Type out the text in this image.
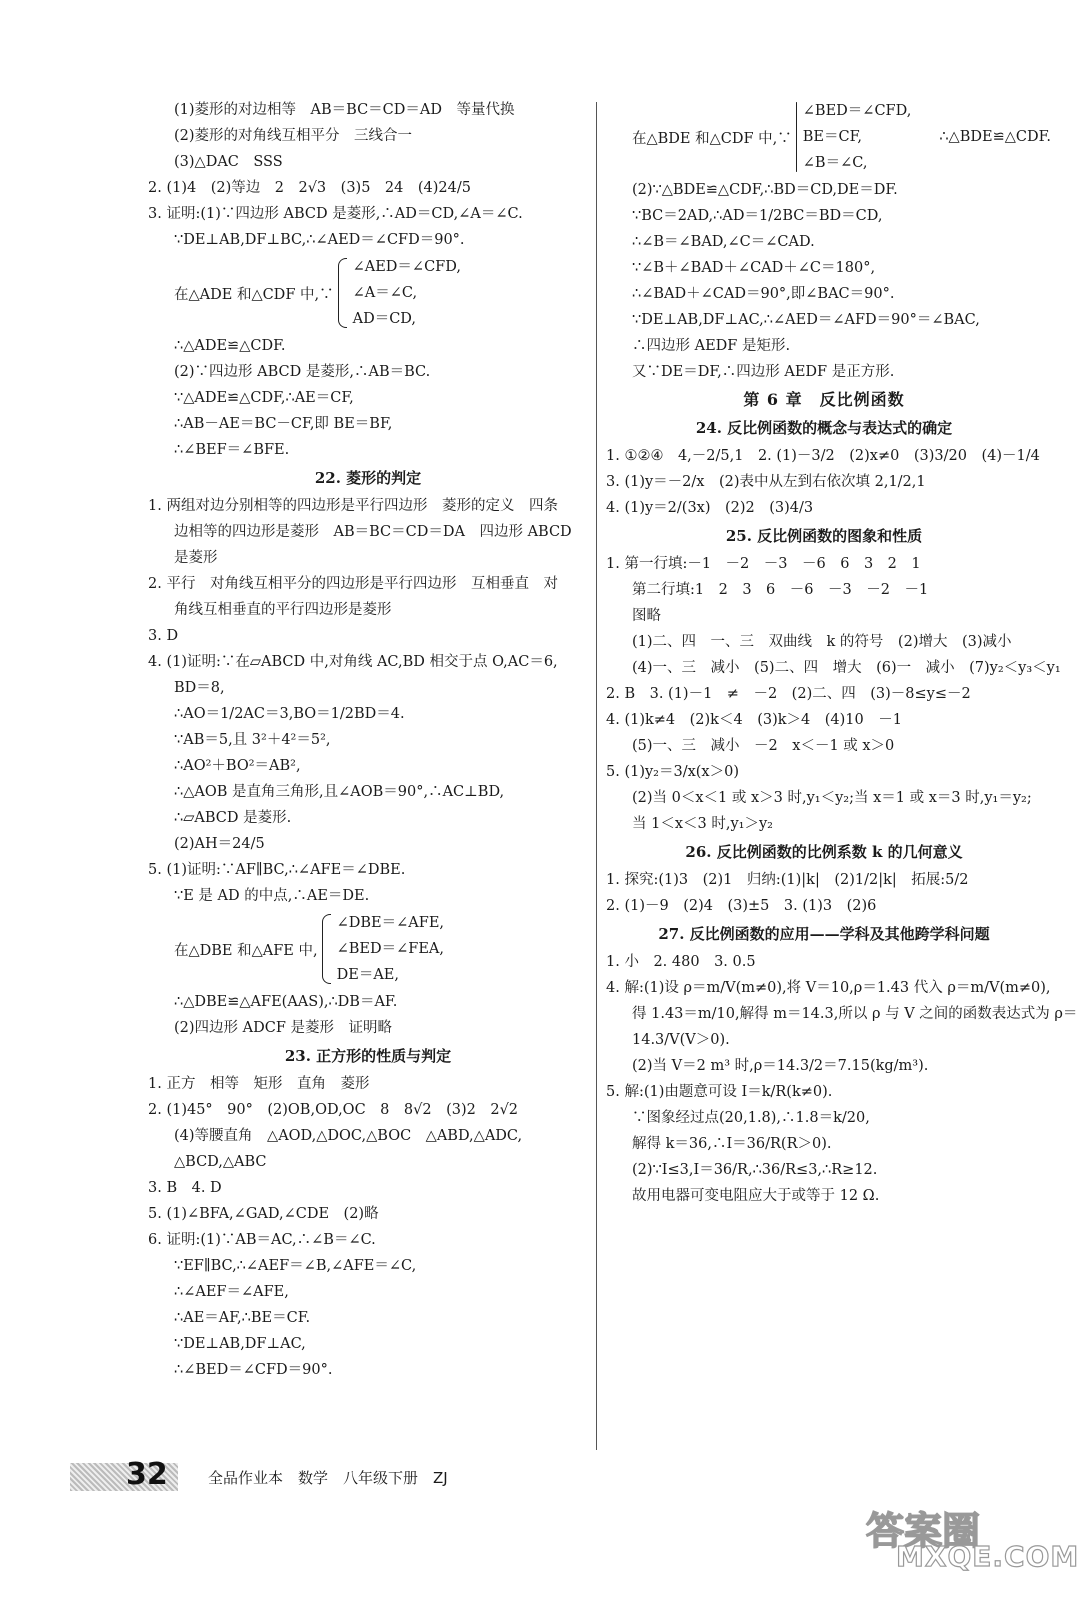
(1)菱形的对边相等　AB＝BC＝CD＝AD　等量代换
(2)菱形的对角线互相平分　三线合一
(3)△DAC　SSS
2. (1)4　(2)等边　2　2√3　(3)5　24　(4)24/5
3. 证明:(1)∵四边形 ABCD 是菱形,∴AD＝CD,∠A＝∠C.
∵DE⊥AB,DF⊥BC,∴∠AED＝∠CFD＝90°.
在△ADE 和△CDF 中,∵
∠AED＝∠CFD,
∠A＝∠C,
AD＝CD,
∴△ADE≌△CDF.
(2)∵四边形 ABCD 是菱形,∴AB＝BC.
∵△ADE≌△CDF,∴AE＝CF,
∴AB－AE＝BC－CF,即 BE＝BF,
∴∠BEF＝∠BFE.
22. 菱形的判定
1. 两组对边分别相等的四边形是平行四边形　菱形的定义　四条
边相等的四边形是菱形　AB＝BC＝CD＝DA　四边形 ABCD
是菱形
2. 平行　对角线互相平分的四边形是平行四边形　互相垂直　对
角线互相垂直的平行四边形是菱形
3. D
4. (1)证明:∵在▱ABCD 中,对角线 AC,BD 相交于点 O,AC＝6,
BD＝8,
∴AO＝1/2AC＝3,BO＝1/2BD＝4.
∵AB＝5,且 3²＋4²＝5²,
∴AO²＋BO²＝AB²,
∴△AOB 是直角三角形,且∠AOB＝90°,∴AC⊥BD,
∴▱ABCD 是菱形.
(2)AH＝24/5
5. (1)证明:∵AF∥BC,∴∠AFE＝∠DBE.
∵E 是 AD 的中点,∴AE＝DE.
在△DBE 和△AFE 中,
∠DBE＝∠AFE,
∠BED＝∠FEA,
DE＝AE,
∴△DBE≌△AFE(AAS),∴DB＝AF.
(2)四边形 ADCF 是菱形　证明略
23. 正方形的性质与判定
1. 正方　相等　矩形　直角　菱形
2. (1)45°　90°　(2)OB,OD,OC　8　8√2　(3)2　2√2
(4)等腰直角　△AOD,△DOC,△BOC　△ABD,△ADC,
△BCD,△ABC
3. B　4. D
5. (1)∠BFA,∠GAD,∠CDE　(2)略
6. 证明:(1)∵AB＝AC,∴∠B＝∠C.
∵EF∥BC,∴∠AEF＝∠B,∠AFE＝∠C,
∴∠AEF＝∠AFE,
∴AE＝AF,∴BE＝CF.
∵DE⊥AB,DF⊥AC,
∴∠BED＝∠CFD＝90°.
在△BDE 和△CDF 中,∵
∠BED＝∠CFD,
BE＝CF,
∠B＝∠C,
∴△BDE≌△CDF.
(2)∵△BDE≌△CDF,∴BD＝CD,DE＝DF.
∵BC＝2AD,∴AD＝1/2BC＝BD＝CD,
∴∠B＝∠BAD,∠C＝∠CAD.
∵∠B＋∠BAD＋∠CAD＋∠C＝180°,
∴∠BAD＋∠CAD＝90°,即∠BAC＝90°.
∵DE⊥AB,DF⊥AC,∴∠AED＝∠AFD＝90°＝∠BAC,
∴四边形 AEDF 是矩形.
又∵DE＝DF,∴四边形 AEDF 是正方形.
第 6 章　反比例函数
24. 反比例函数的概念与表达式的确定
1. ①②④　4,－2/5,1　2. (1)－3/2　(2)x≠0　(3)3/20　(4)－1/4
3. (1)y＝－2/x　(2)表中从左到右依次填 2,1/2,1
4. (1)y＝2/(3x)　(2)2　(3)4/3
25. 反比例函数的图象和性质
1. 第一行填:－1　－2　－3　－6　6　3　2　1
第二行填:1　2　3　6　－6　－3　－2　－1
图略
(1)二、四　一、三　双曲线　k 的符号　(2)增大　(3)减小
(4)一、三　减小　(5)二、四　增大　(6)一　减小　(7)y₂＜y₃＜y₁
2. B　3. (1)－1　≠　－2　(2)二、四　(3)－8≤y≤－2
4. (1)k≠4　(2)k＜4　(3)k＞4　(4)10　－1
(5)一、三　减小　－2　x＜－1 或 x＞0
5. (1)y₂＝3/x(x＞0)
(2)当 0＜x＜1 或 x＞3 时,y₁＜y₂;当 x＝1 或 x＝3 时,y₁＝y₂;
当 1＜x＜3 时,y₁＞y₂
26. 反比例函数的比例系数 k 的几何意义
1. 探究:(1)3　(2)1　归纳:(1)|k|　(2)1/2|k|　拓展:5/2
2. (1)－9　(2)4　(3)±5　3. (1)3　(2)6
27. 反比例函数的应用——学科及其他跨学科问题
1. 小　2. 480　3. 0.5
4. 解:(1)设 ρ＝m/V(m≠0),将 V＝10,ρ＝1.43 代入 ρ＝m/V(m≠0),
得 1.43＝m/10,解得 m＝14.3,所以 ρ 与 V 之间的函数表达式为 ρ＝
14.3/V(V＞0).
(2)当 V＝2 m³ 时,ρ＝14.3/2＝7.15(kg/m³).
5. 解:(1)由题意可设 I＝k/R(k≠0).
∵图象经过点(20,1.8),∴1.8＝k/20,
解得 k＝36,∴I＝36/R(R＞0).
(2)∵I≤3,I＝36/R,∴36/R≤3,∴R≥12.
故用电器可变电阻应大于或等于 12 Ω.
32	全品作业本　数学　八年级下册　ZJ
答案圈
MXQE.COM
